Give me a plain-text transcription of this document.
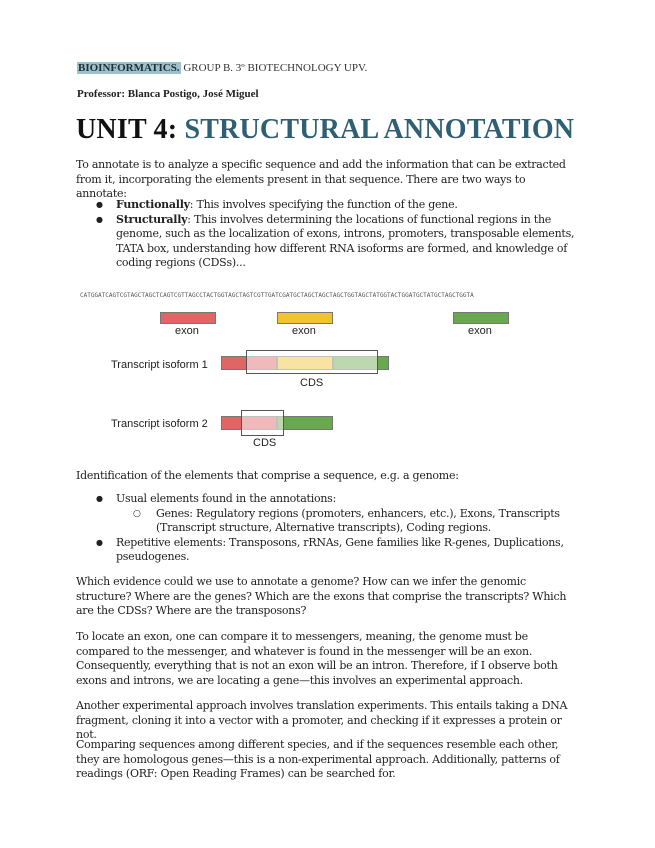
BIOINFORMATICS. GROUP B. 3º BIOTECHNOLOGY UPV.
Professor: Blanca Postigo, José Miguel
UNIT 4: STRUCTURAL ANNOTATION
To annotate is to analyze a specific sequence and add the information that can be extracted from it, incorporating the elements present in that sequence. There are two ways to annotate:
● Functionally: This involves specifying the function of the gene.
● Structurally: This involves determining the locations of functional regions in the genome, such as the localization of exons, introns, promoters, transposable elements, TATA box, understanding how different RNA isoforms are formed, and knowledge of coding regions (CDSs)...
CATGGATCAGTCGTAGCTAGCTCAGTCGTTAGCCTACTGGTAGCTAGTCGTTGATCGATGCTAGCTAGCTAGCTGGTAGCTATGGTACTGGATGCTATGCTAGCTGGTA
exon	exon	exon
Transcript isoform 1
CDS
Transcript isoform 2
CDS
Identification of the elements that comprise a sequence, e.g. a genome:
● Usual elements found in the annotations:
○ Genes: Regulatory regions (promoters, enhancers, etc.), Exons, Transcripts (Transcript structure, Alternative transcripts), Coding regions.
● Repetitive elements: Transposons, rRNAs, Gene families like R-genes, Duplications, pseudogenes.
Which evidence could we use to annotate a genome? How can we infer the genomic structure? Where are the genes? Which are the exons that comprise the transcripts? Which are the CDSs? Where are the transposons?
To locate an exon, one can compare it to messengers, meaning, the genome must be compared to the messenger, and whatever is found in the messenger will be an exon. Consequently, everything that is not an exon will be an intron. Therefore, if I observe both exons and introns, we are locating a gene—this involves an experimental approach.
Another experimental approach involves translation experiments. This entails taking a DNA fragment, cloning it into a vector with a promoter, and checking if it expresses a protein or not.
Comparing sequences among different species, and if the sequences resemble each other, they are homologous genes—this is a non-experimental approach. Additionally, patterns of readings (ORF: Open Reading Frames) can be searched for.
